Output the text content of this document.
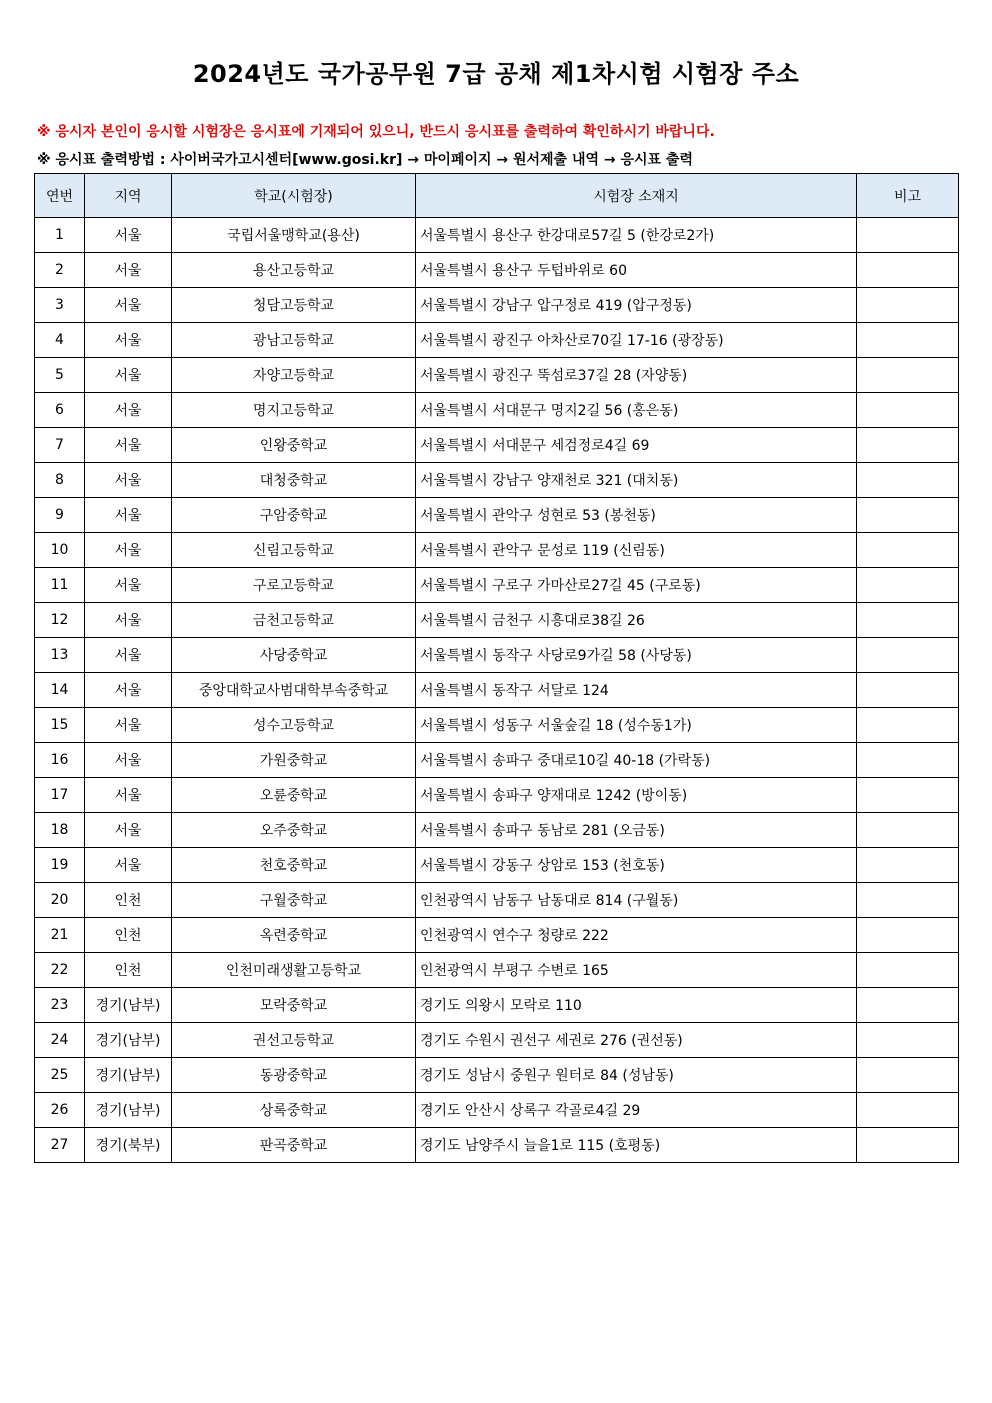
2024년도 국가공무원 7급 공채 제1차시험 시험장 주소
※ 응시자 본인이 응시할 시험장은 응시표에 기재되어 있으니, 반드시 응시표를 출력하여 확인하시기 바랍니다.
※ 응시표 출력방법 : 사이버국가고시센터[www.gosi.kr] → 마이페이지 → 원서제출 내역 → 응시표 출력
연번	지역	학교(시험장)	시험장 소재지	비고
1	서울	국립서울맹학교(용산)	서울특별시 용산구 한강대로57길 5 (한강로2가)	
2	서울	용산고등학교	서울특별시 용산구 두텁바위로 60	
3	서울	청담고등학교	서울특별시 강남구 압구정로 419 (압구정동)	
4	서울	광남고등학교	서울특별시 광진구 아차산로70길 17-16 (광장동)	
5	서울	자양고등학교	서울특별시 광진구 뚝섬로37길 28 (자양동)	
6	서울	명지고등학교	서울특별시 서대문구 명지2길 56 (홍은동)	
7	서울	인왕중학교	서울특별시 서대문구 세검정로4길 69	
8	서울	대청중학교	서울특별시 강남구 양재천로 321 (대치동)	
9	서울	구암중학교	서울특별시 관악구 성현로 53 (봉천동)	
10	서울	신림고등학교	서울특별시 관악구 문성로 119 (신림동)	
11	서울	구로고등학교	서울특별시 구로구 가마산로27길 45 (구로동)	
12	서울	금천고등학교	서울특별시 금천구 시흥대로38길 26	
13	서울	사당중학교	서울특별시 동작구 사당로9가길 58 (사당동)	
14	서울	중앙대학교사범대학부속중학교	서울특별시 동작구 서달로 124	
15	서울	성수고등학교	서울특별시 성동구 서울숲길 18 (성수동1가)	
16	서울	가원중학교	서울특별시 송파구 중대로10길 40-18 (가락동)	
17	서울	오륜중학교	서울특별시 송파구 양재대로 1242 (방이동)	
18	서울	오주중학교	서울특별시 송파구 동남로 281 (오금동)	
19	서울	천호중학교	서울특별시 강동구 상암로 153 (천호동)	
20	인천	구월중학교	인천광역시 남동구 남동대로 814 (구월동)	
21	인천	옥련중학교	인천광역시 연수구 청량로 222	
22	인천	인천미래생활고등학교	인천광역시 부평구 수변로 165	
23	경기(남부)	모락중학교	경기도 의왕시 모락로 110	
24	경기(남부)	권선고등학교	경기도 수원시 권선구 세권로 276 (권선동)	
25	경기(남부)	동광중학교	경기도 성남시 중원구 원터로 84 (성남동)	
26	경기(남부)	상록중학교	경기도 안산시 상록구 각골로4길 29	
27	경기(북부)	판곡중학교	경기도 남양주시 늘을1로 115 (호평동)	
